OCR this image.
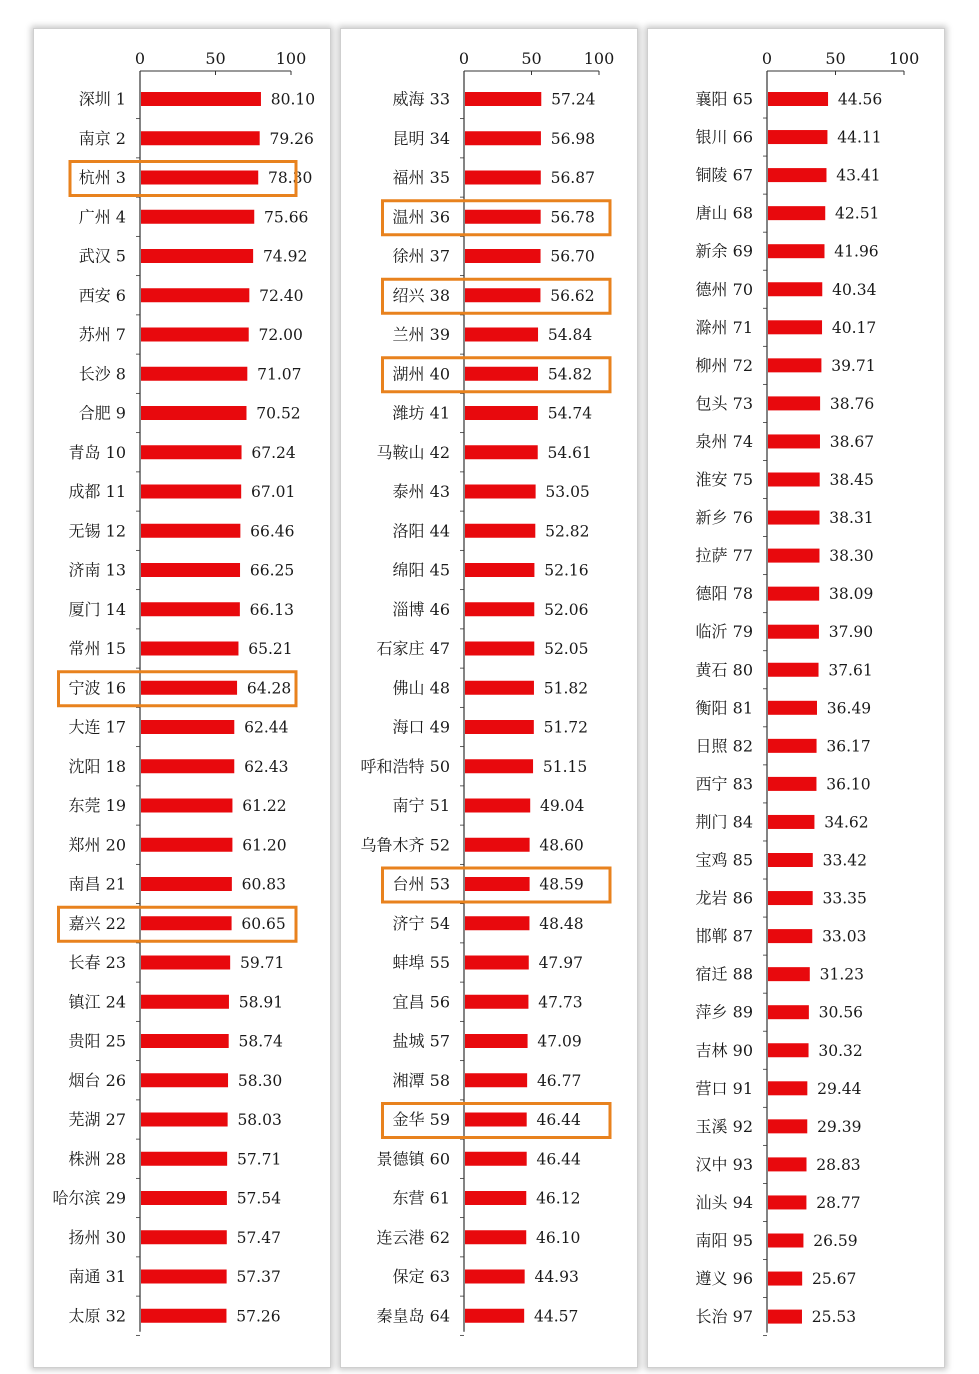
0	50	100
深圳 1	80.10
南京 2	79.26
杭州 3	78.30
广州 4	75.66
武汉 5	74.92
西安 6	72.40
苏州 7	72.00
长沙 8	71.07
合肥 9	70.52
青岛 10	67.24
成都 11	67.01
无锡 12	66.46
济南 13	66.25
厦门 14	66.13
常州 15	65.21
宁波 16	64.28
大连 17	62.44
沈阳 18	62.43
东莞 19	61.22
郑州 20	61.20
南昌 21	60.83
嘉兴 22	60.65
长春 23	59.71
镇江 24	58.91
贵阳 25	58.74
烟台 26	58.30
芜湖 27	58.03
株洲 28	57.71
哈尔滨 29	57.54
扬州 30	57.47
南通 31	57.37
太原 32	57.26
0	50	100
威海 33	57.24
昆明 34	56.98
福州 35	56.87
温州 36	56.78
徐州 37	56.70
绍兴 38	56.62
兰州 39	54.84
湖州 40	54.82
潍坊 41	54.74
马鞍山 42	54.61
泰州 43	53.05
洛阳 44	52.82
绵阳 45	52.16
淄博 46	52.06
石家庄 47	52.05
佛山 48	51.82
海口 49	51.72
呼和浩特 50	51.15
南宁 51	49.04
乌鲁木齐 52	48.60
台州 53	48.59
济宁 54	48.48
蚌埠 55	47.97
宜昌 56	47.73
盐城 57	47.09
湘潭 58	46.77
金华 59	46.44
景德镇 60	46.44
东营 61	46.12
连云港 62	46.10
保定 63	44.93
秦皇岛 64	44.57
0	50	100
襄阳 65	44.56
银川 66	44.11
铜陵 67	43.41
唐山 68	42.51
新余 69	41.96
德州 70	40.34
滁州 71	40.17
柳州 72	39.71
包头 73	38.76
泉州 74	38.67
淮安 75	38.45
新乡 76	38.31
拉萨 77	38.30
德阳 78	38.09
临沂 79	37.90
黄石 80	37.61
衡阳 81	36.49
日照 82	36.17
西宁 83	36.10
荆门 84	34.62
宝鸡 85	33.42
龙岩 86	33.35
邯郸 87	33.03
宿迁 88	31.23
萍乡 89	30.56
吉林 90	30.32
营口 91	29.44
玉溪 92	29.39
汉中 93	28.83
汕头 94	28.77
南阳 95	26.59
遵义 96	25.67
长治 97	25.53
